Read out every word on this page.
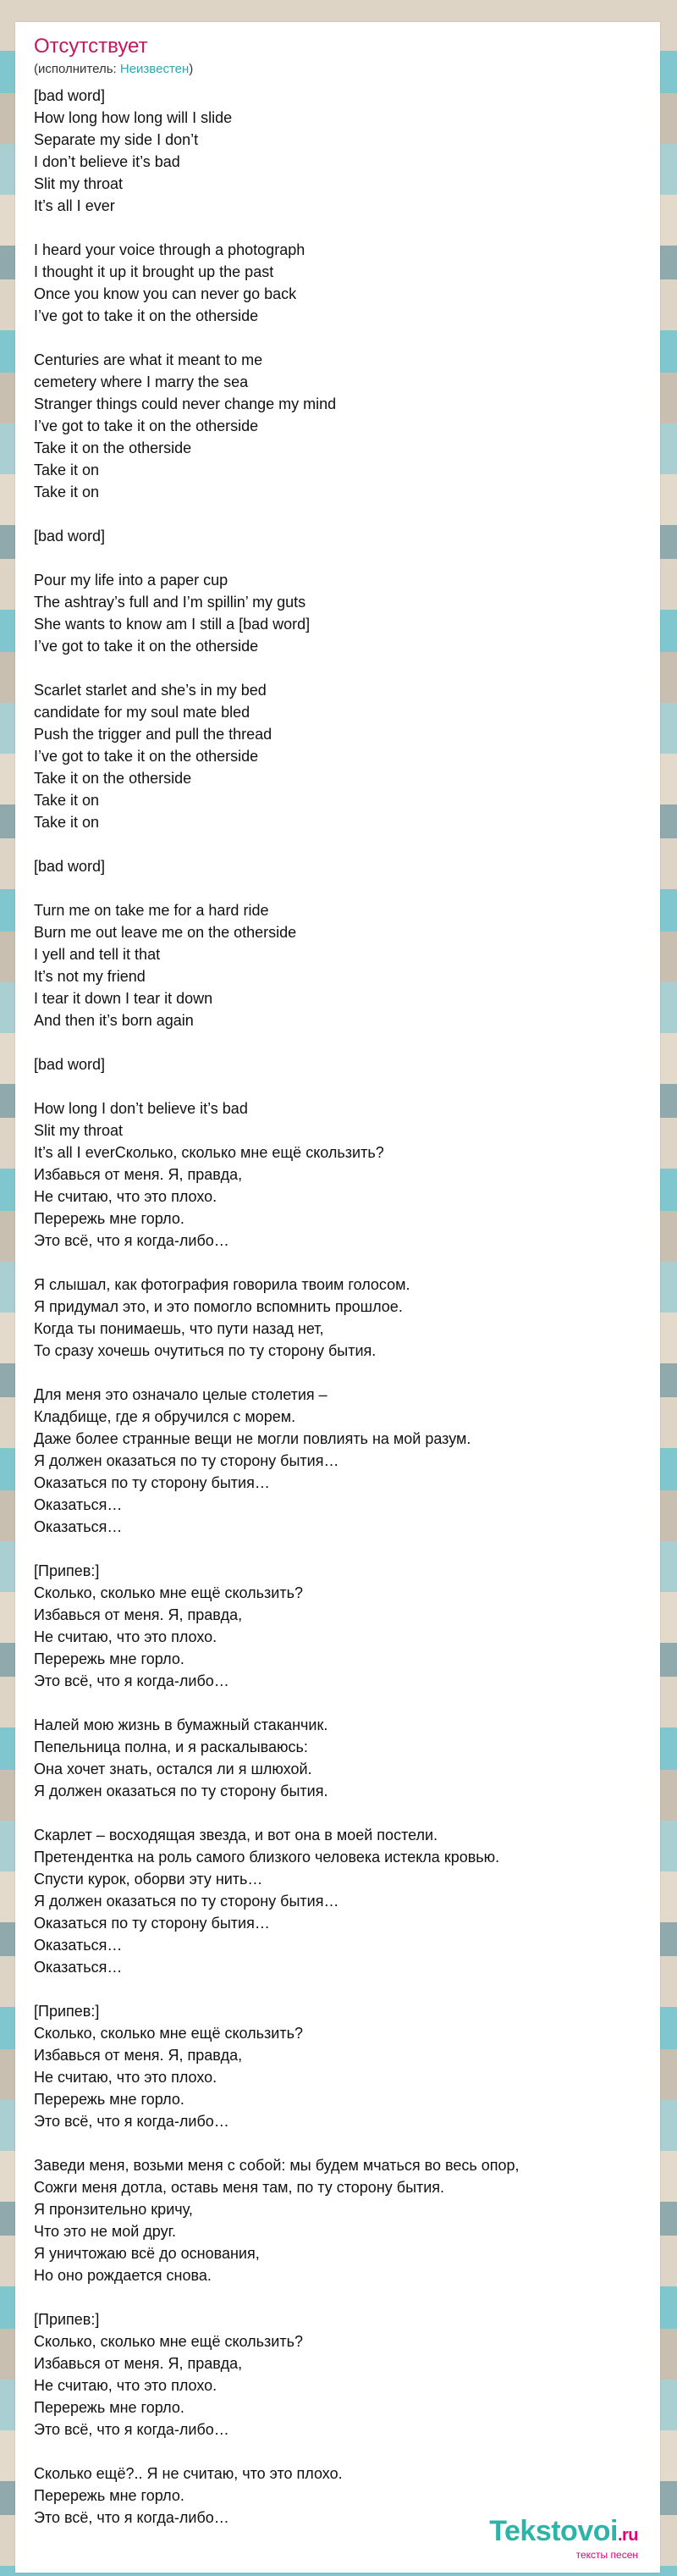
Отсутствует
(исполнитель: Неизвестен)
[bad word]
How long how long will I slide
Separate my side I don’t
I don’t believe it’s bad
Slit my throat
It’s all I ever

I heard your voice through a photograph
I thought it up it brought up the past
Once you know you can never go back
I’ve got to take it on the otherside

Centuries are what it meant to me
cemetery where I marry the sea
Stranger things could never change my mind
I’ve got to take it on the otherside
Take it on the otherside
Take it on
Take it on

[bad word]

Pour my life into a paper cup
The ashtray’s full and I’m spillin’ my guts
She wants to know am I still a [bad word]
I’ve got to take it on the otherside

Scarlet starlet and she’s in my bed
candidate for my soul mate bled
Push the trigger and pull the thread
I’ve got to take it on the otherside
Take it on the otherside
Take it on
Take it on

[bad word]

Turn me on take me for a hard ride
Burn me out leave me on the otherside
I yell and tell it that
It’s not my friend
I tear it down I tear it down
And then it’s born again

[bad word]

How long I don’t believe it’s bad
Slit my throat
It’s all I everСколько, сколько мне ещё скользить?
Избавься от меня. Я, правда,
Не считаю, что это плохо.
Перережь мне горло.
Это всё, что я когда-либо…

Я слышал, как фотография говорила твоим голосом.
Я придумал это, и это помогло вспомнить прошлое.
Когда ты понимаешь, что пути назад нет,
То сразу хочешь очутиться по ту сторону бытия.

Для меня это означало целые столетия –
Кладбище, где я обручился с морем.
Даже более странные вещи не могли повлиять на мой разум.
Я должен оказаться по ту сторону бытия…
Оказаться по ту сторону бытия…
Оказаться…
Оказаться…

[Припев:]
Сколько, сколько мне ещё скользить?
Избавься от меня. Я, правда,
Не считаю, что это плохо.
Перережь мне горло.
Это всё, что я когда-либо…

Налей мою жизнь в бумажный стаканчик.
Пепельница полна, и я раскалываюсь:
Она хочет знать, остался ли я шлюхой.
Я должен оказаться по ту сторону бытия.

Скарлет – восходящая звезда, и вот она в моей постели.
Претендентка на роль самого близкого человека истекла кровью.
Спусти курок, оборви эту нить…
Я должен оказаться по ту сторону бытия…
Оказаться по ту сторону бытия…
Оказаться…
Оказаться…

[Припев:]
Сколько, сколько мне ещё скользить?
Избавься от меня. Я, правда,
Не считаю, что это плохо.
Перережь мне горло.
Это всё, что я когда-либо…

Заведи меня, возьми меня с собой: мы будем мчаться во весь опор,
Сожги меня дотла, оставь меня там, по ту сторону бытия.
Я пронзительно кричу,
Что это не мой друг.
Я уничтожаю всё до основания,
Но оно рождается снова.

[Припев:]
Сколько, сколько мне ещё скользить?
Избавься от меня. Я, правда,
Не считаю, что это плохо.
Перережь мне горло.
Это всё, что я когда-либо…

Сколько ещё?.. Я не считаю, что это плохо.
Перережь мне горло.
Это всё, что я когда-либо…	Tekstovoi.ru
тексты песен
